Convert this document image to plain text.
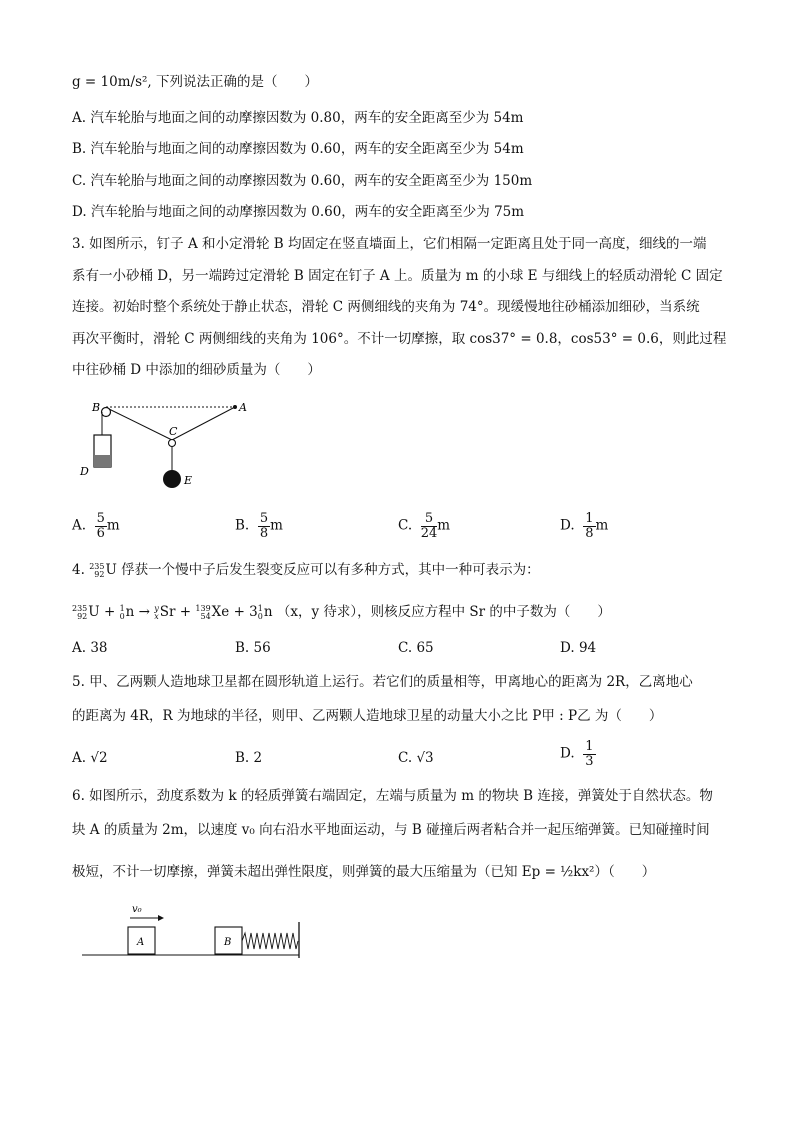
g = 10m/s², 下列说法正确的是（　　）
A. 汽车轮胎与地面之间的动摩擦因数为 0.80，两车的安全距离至少为 54m
B. 汽车轮胎与地面之间的动摩擦因数为 0.60，两车的安全距离至少为 54m
C. 汽车轮胎与地面之间的动摩擦因数为 0.60，两车的安全距离至少为 150m
D. 汽车轮胎与地面之间的动摩擦因数为 0.60，两车的安全距离至少为 75m
3. 如图所示，钉子 A 和小定滑轮 B 均固定在竖直墙面上，它们相隔一定距离且处于同一高度，细线的一端
系有一小砂桶 D，另一端跨过定滑轮 B 固定在钉子 A 上。质量为 m 的小球 E 与细线上的轻质动滑轮 C 固定
连接。初始时整个系统处于静止状态，滑轮 C 两侧细线的夹角为 74°。现缓慢地往砂桶添加细砂，当系统
再次平衡时，滑轮 C 两侧细线的夹角为 106°。不计一切摩擦，取 cos37° = 0.8，cos53° = 0.6，则此过程
中往砂桶 D 中添加的细砂质量为（　　）
B	A
C
D
E
A. $\frac{5}{6}$ m	B. $\frac{5}{8}$ m	C. $\frac{5}{24}$ m	D. $\frac{1}{8}$ m
4. 235
92 U 俘获一个慢中子后发生裂变反应可以有多种方式，其中一种可表示为：
235
92 U + 1
0 n → y
x Sr + 139
54 Xe + 3 1
0 n （x，y 待求），则核反应方程中 Sr 的中子数为（　　）
A. 38	B. 56	C. 65	D. 94
5. 甲、乙两颗人造地球卫星都在圆形轨道上运行。若它们的质量相等，甲离地心的距离为 2R，乙离地心
的距离为 4R，R 为地球的半径，则甲、乙两颗人造地球卫星的动量大小之比 P甲 : P乙 为（　　）
A. √2	B. 2	C. √3	D. $\frac{1}{3}$
6. 如图所示，劲度系数为 k 的轻质弹簧右端固定，左端与质量为 m 的物块 B 连接，弹簧处于自然状态。物
块 A 的质量为 2m，以速度 v₀ 向右沿水平地面运动，与 B 碰撞后两者粘合并一起压缩弹簧。已知碰撞时间
极短，不计一切摩擦，弹簧未超出弹性限度，则弹簧的最大压缩量为（已知 Ep = ½kx²）（　　）
v₀
A	B
